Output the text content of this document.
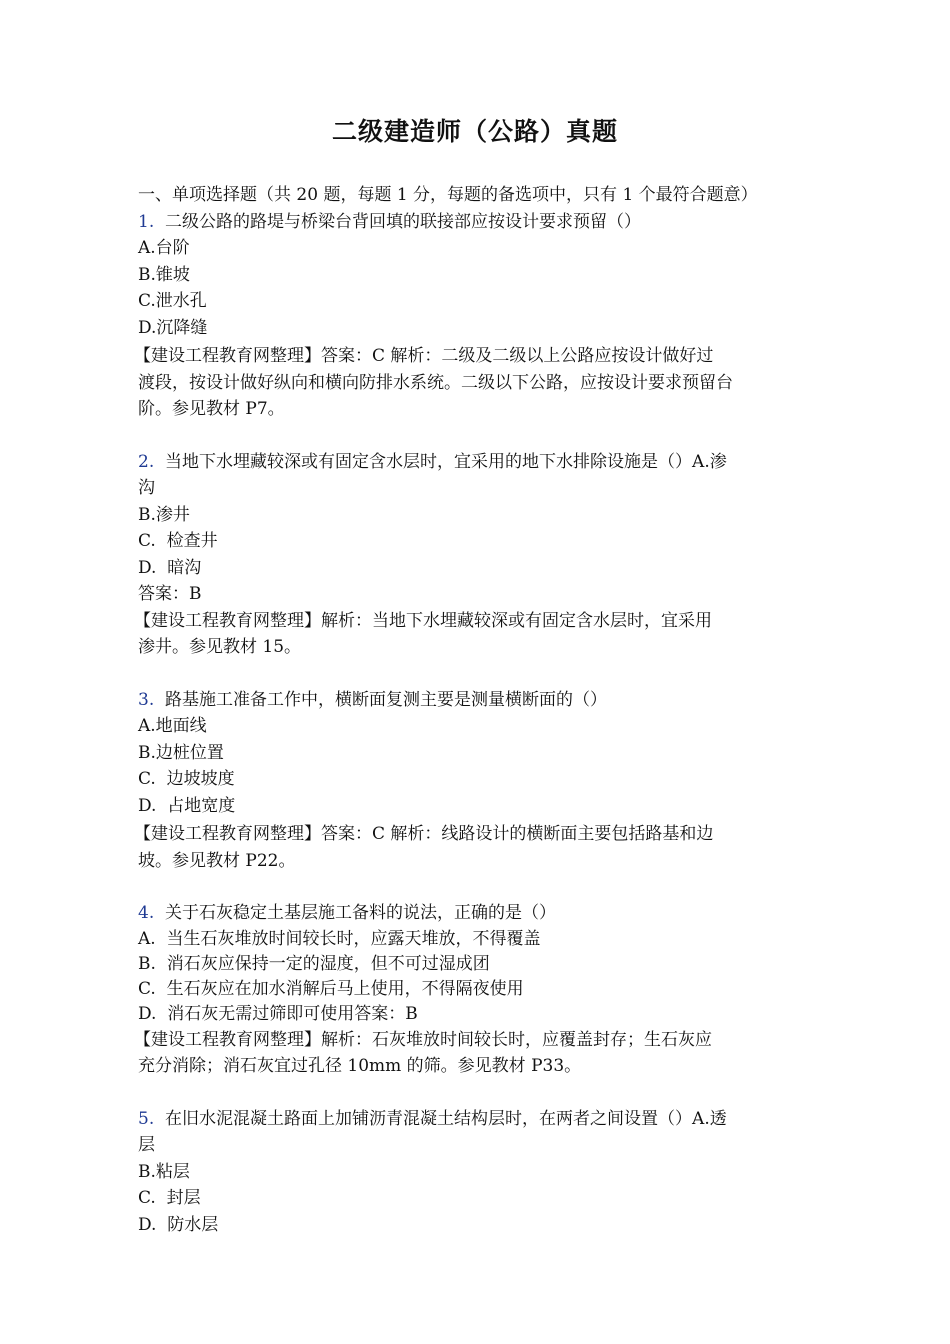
二级建造师（公路）真题
一、单项选择题（共 20 题，每题 1 分，每题的备选项中，只有 1 个最符合题意）
1.  二级公路的路堤与桥梁台背回填的联接部应按设计要求预留（）
A.台阶
B.锥坡
C.泄水孔
D.沉降缝
【建设工程教育网整理】答案：C 解析：二级及二级以上公路应按设计做好过
渡段，按设计做好纵向和横向防排水系统。二级以下公路，应按设计要求预留台
阶。参见教材 P7。
2.  当地下水埋藏较深或有固定含水层时，宜采用的地下水排除设施是（）A.渗
沟
B.渗井
C.  检查井
D.  暗沟
答案：B
【建设工程教育网整理】解析：当地下水埋藏较深或有固定含水层时，宜采用
渗井。参见教材 15。
3.  路基施工准备工作中，横断面复测主要是测量横断面的（）
A.地面线
B.边桩位置
C.  边坡坡度
D.  占地宽度
【建设工程教育网整理】答案：C 解析：线路设计的横断面主要包括路基和边
坡。参见教材 P22。
4.  关于石灰稳定土基层施工备料的说法，正确的是（）
A.  当生石灰堆放时间较长时，应露天堆放，不得覆盖
B.  消石灰应保持一定的湿度，但不可过湿成团
C.  生石灰应在加水消解后马上使用，不得隔夜使用
D.  消石灰无需过筛即可使用答案：B
【建设工程教育网整理】解析：石灰堆放时间较长时，应覆盖封存；生石灰应
充分消除；消石灰宜过孔径 10mm 的筛。参见教材 P33。
5.  在旧水泥混凝土路面上加铺沥青混凝土结构层时，在两者之间设置（）A.透
层
B.粘层
C.  封层
D.  防水层
